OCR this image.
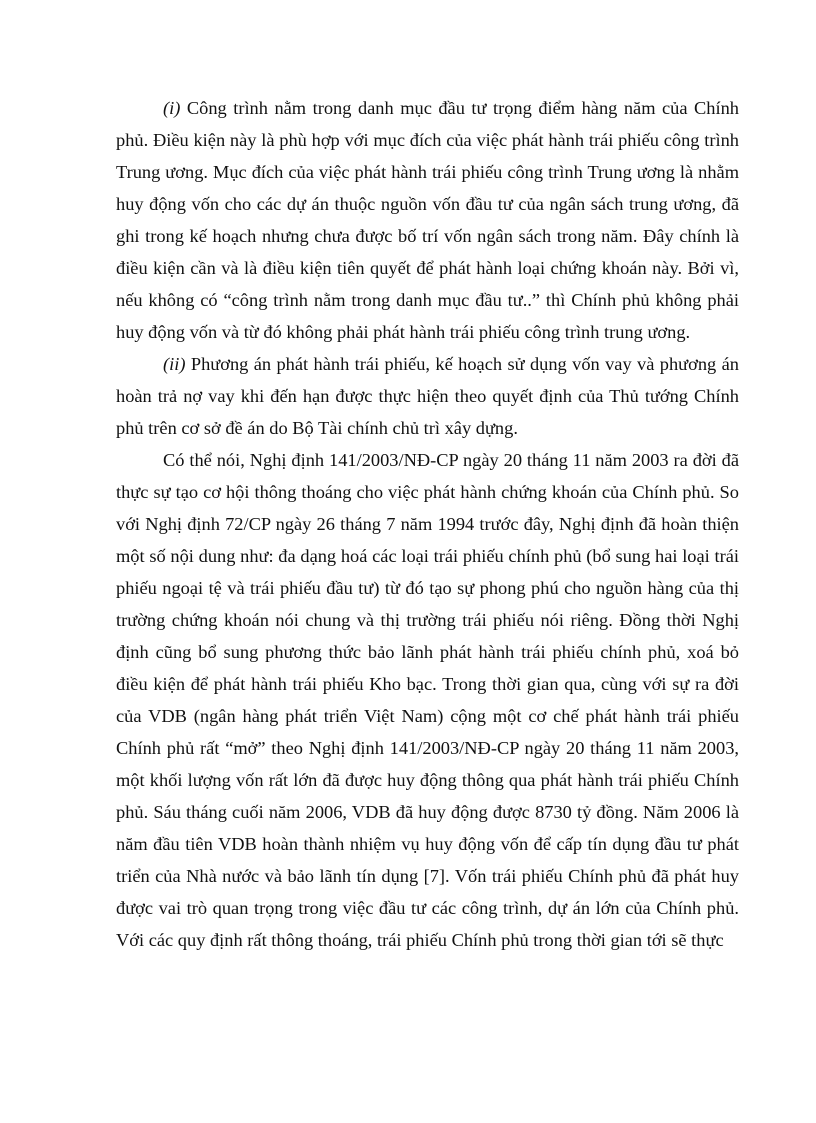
(i) Công trình nằm trong danh mục đầu tư trọng điểm hàng năm của Chính phủ. Điều kiện này là phù hợp với mục đích của việc phát hành trái phiếu công trình Trung ương. Mục đích của việc phát hành trái phiếu công trình Trung ương là nhằm huy động vốn cho các dự án thuộc nguồn vốn đầu tư của ngân sách trung ương, đã ghi trong kế hoạch nhưng chưa được bố trí vốn ngân sách trong năm. Đây chính là điều kiện cần và là điều kiện tiên quyết để phát hành loại chứng khoán này. Bởi vì, nếu không có “công trình nằm trong danh mục đầu tư..” thì Chính phủ không phải huy động vốn và từ đó không phải phát hành trái phiếu công trình trung ương.

(ii) Phương án phát hành trái phiếu, kế hoạch sử dụng vốn vay và phương án hoàn trả nợ vay khi đến hạn được thực hiện theo quyết định của Thủ tướng Chính phủ trên cơ sở đề án do Bộ Tài chính chủ trì xây dựng.

Có thể nói, Nghị định 141/2003/NĐ-CP ngày 20 tháng 11 năm 2003 ra đời đã thực sự tạo cơ hội thông thoáng cho việc phát hành chứng khoán của Chính phủ. So với Nghị định 72/CP ngày 26 tháng 7 năm 1994 trước đây, Nghị định đã hoàn thiện một số nội dung như: đa dạng hoá các loại trái phiếu chính phủ (bổ sung hai loại trái phiếu ngoại tệ và trái phiếu đầu tư) từ đó tạo sự phong phú cho nguồn hàng của thị trường chứng khoán nói chung và thị trường trái phiếu nói riêng. Đồng thời Nghị định cũng bổ sung phương thức bảo lãnh phát hành trái phiếu chính phủ, xoá bỏ điều kiện để phát hành trái phiếu Kho bạc. Trong thời gian qua, cùng với sự ra đời của VDB (ngân hàng phát triển Việt Nam) cộng một cơ chế phát hành trái phiếu Chính phủ rất “mở” theo Nghị định 141/2003/NĐ-CP ngày 20 tháng 11 năm 2003, một khối lượng vốn rất lớn đã được huy động thông qua phát hành trái phiếu Chính phủ. Sáu tháng cuối năm 2006, VDB đã huy động được 8730 tỷ đồng. Năm 2006 là năm đầu tiên VDB hoàn thành nhiệm vụ huy động vốn để cấp tín dụng đầu tư phát triển của Nhà nước và bảo lãnh tín dụng [7]. Vốn trái phiếu Chính phủ đã phát huy được vai trò quan trọng trong việc đầu tư các công trình, dự án lớn của Chính phủ. Với các quy định rất thông thoáng, trái phiếu Chính phủ trong thời gian tới sẽ thực
